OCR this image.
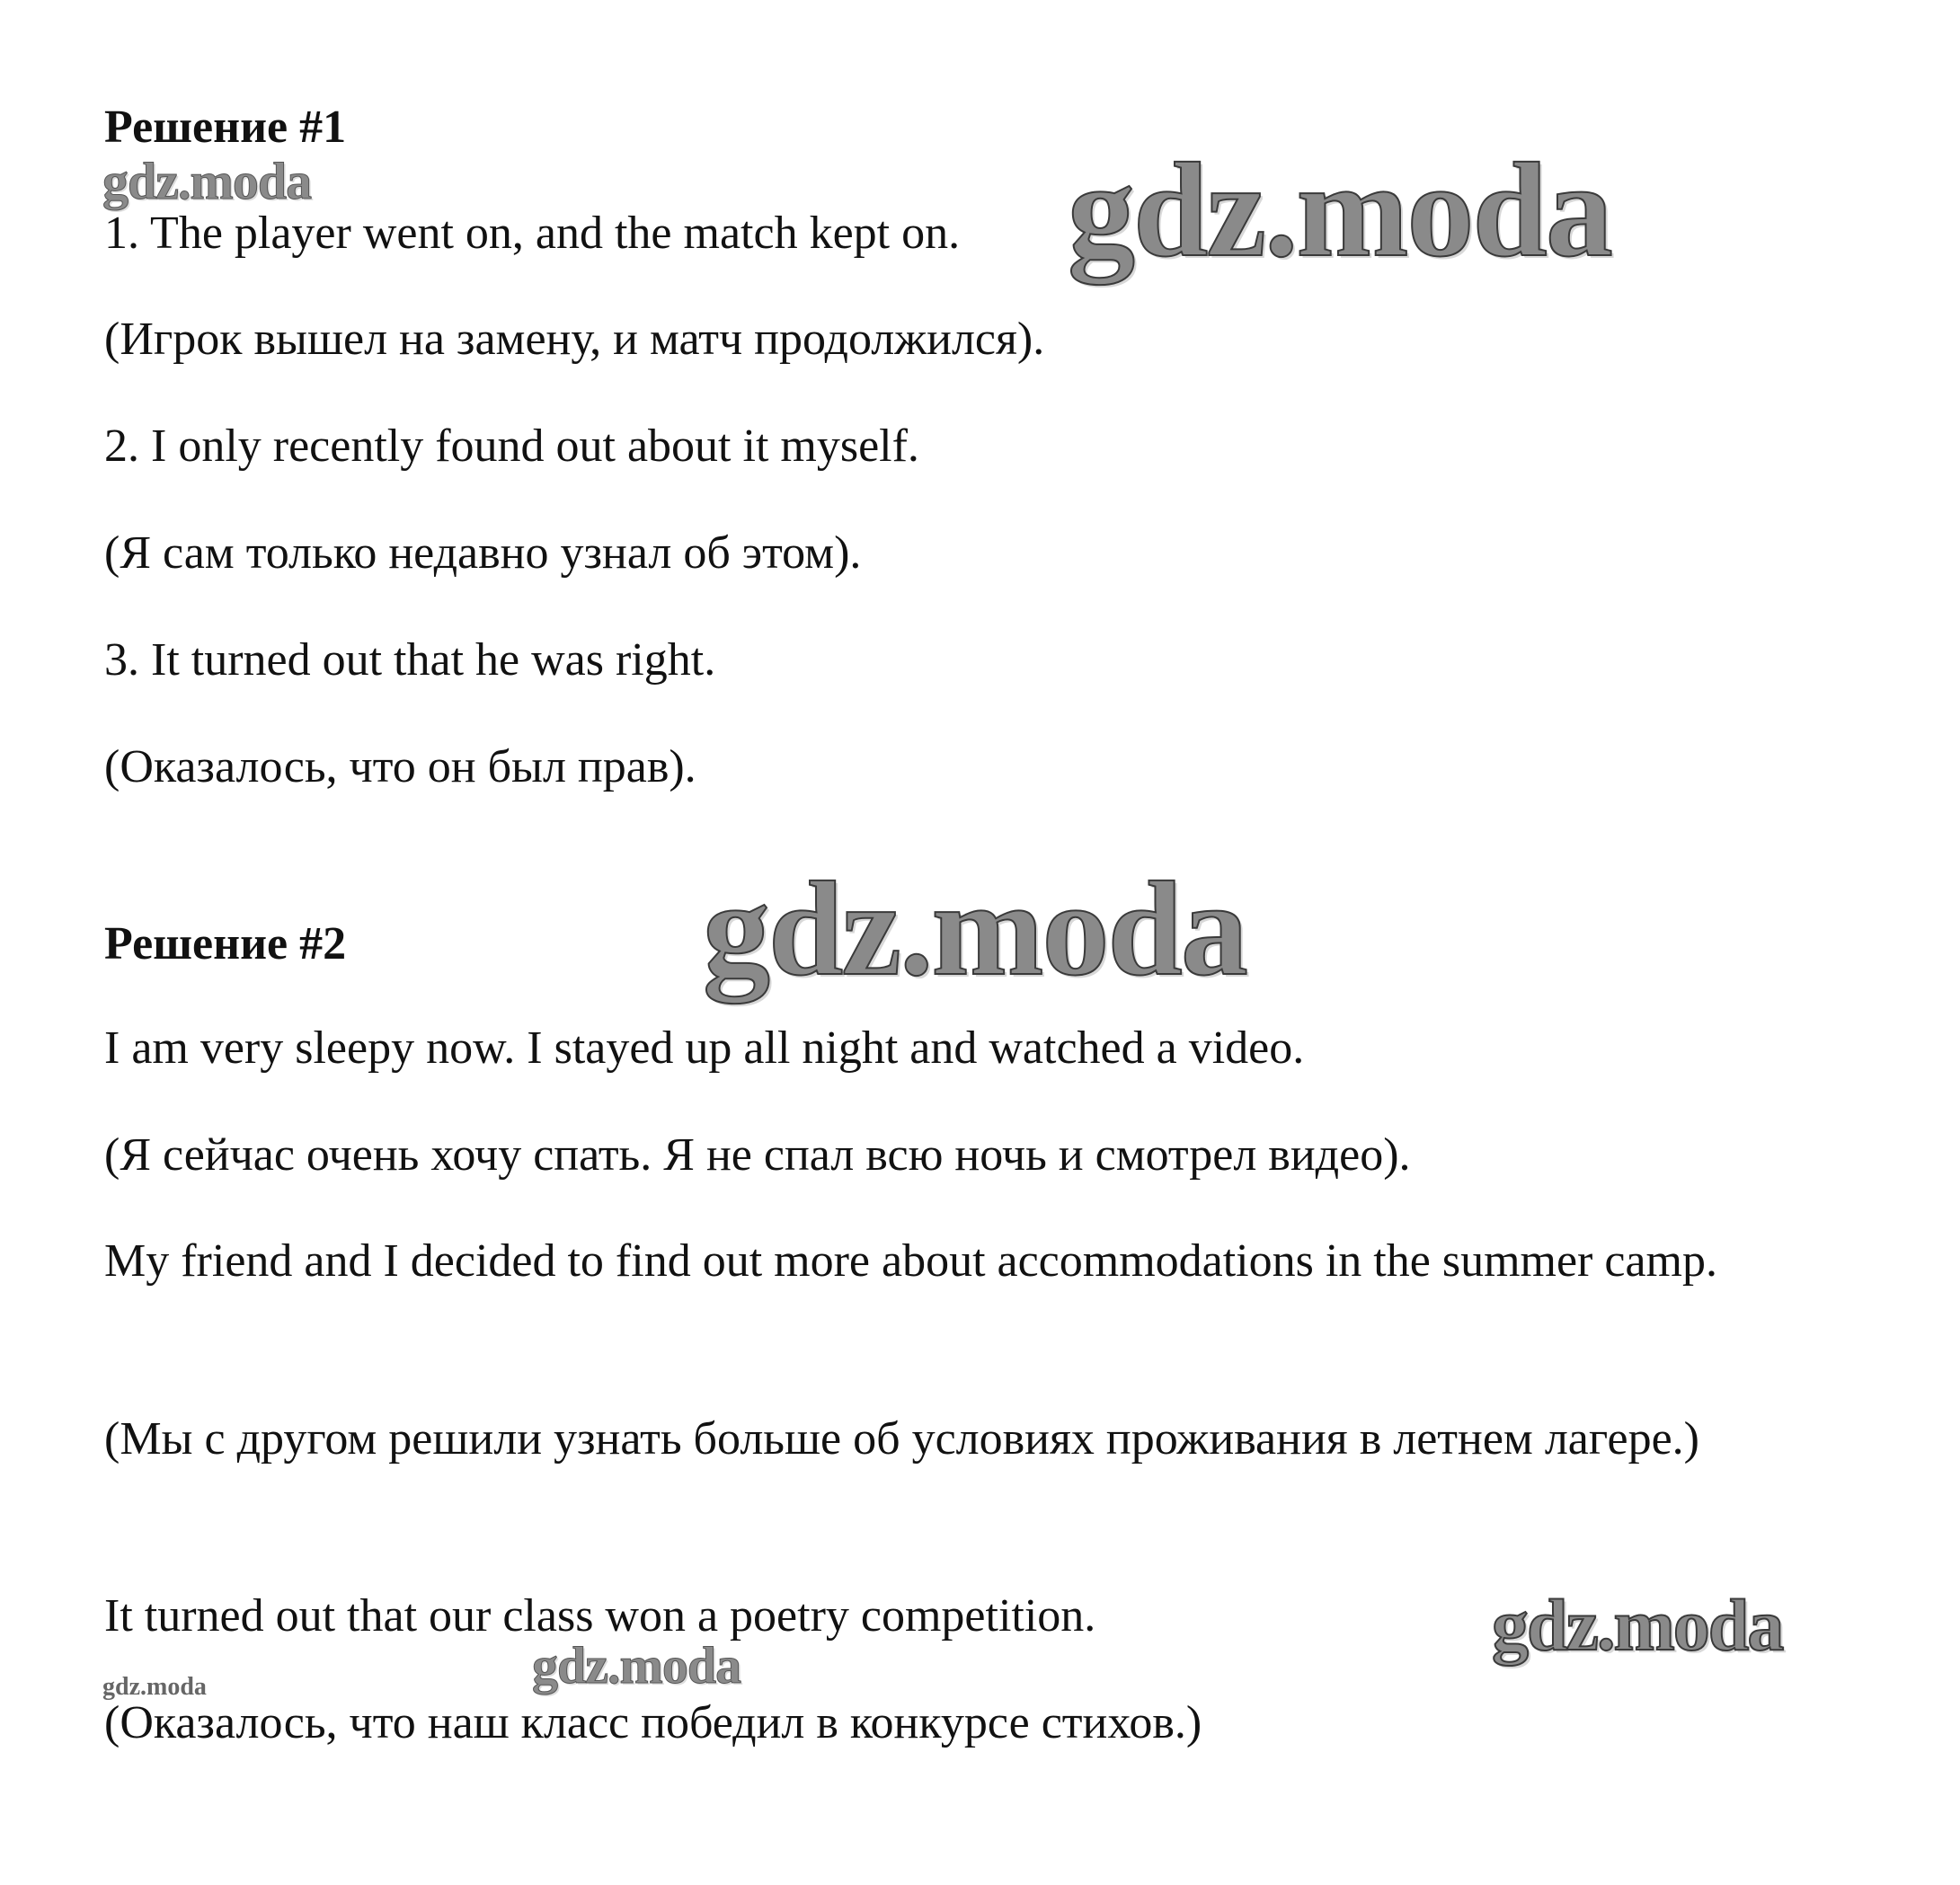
Решение #1
gdz.moda
1. The player went on, and the match kept on. gdz.moda
(Игрок вышел на замену, и матч продолжился).
2. I only recently found out about it myself.
(Я сам только недавно узнал об этом).
3. It turned out that he was right.
(Оказалось, что он был прав).
gdz.moda
Решение #2
I am very sleepy now. I stayed up all night and watched a video.
(Я сейчас очень хочу спать. Я не спал всю ночь и смотрел видео).
My friend and I decided to find out more about accommodations in the summer camp.
(Мы с другом решили узнать больше об условиях проживания в летнем лагере.)
It turned out that our class won a poetry competition.	gdz.moda
gdz.moda
gdz.moda
(Оказалось, что наш класс победил в конкурсе стихов.)
